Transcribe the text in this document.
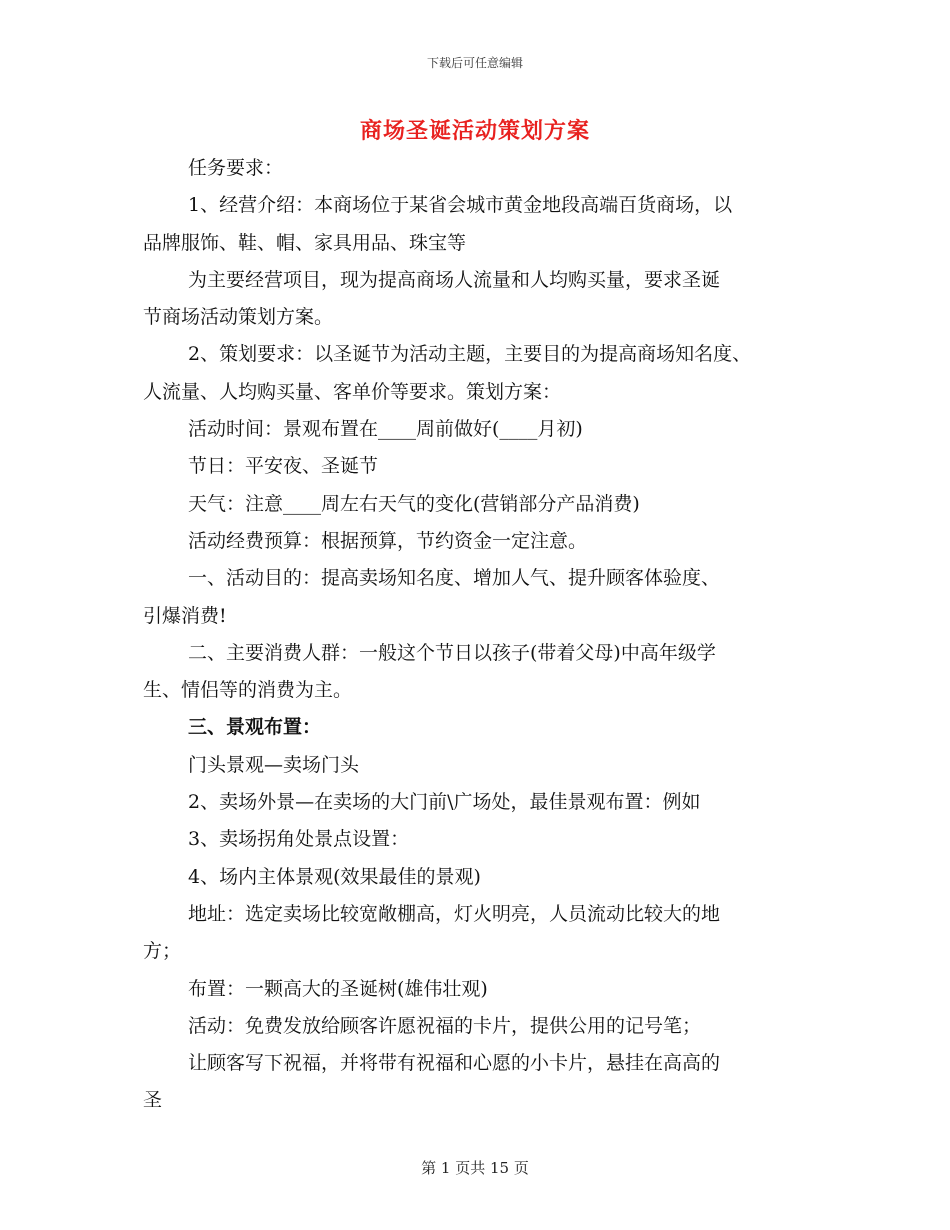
下载后可任意编辑
商场圣诞活动策划方案
任务要求：
1、经营介绍：本商场位于某省会城市黄金地段高端百货商场，以
品牌服饰、鞋、帽、家具用品、珠宝等
为主要经营项目，现为提高商场人流量和人均购买量，要求圣诞
节商场活动策划方案。
2、策划要求：以圣诞节为活动主题，主要目的为提高商场知名度、
人流量、人均购买量、客单价等要求。策划方案：
活动时间：景观布置在____周前做好(____月初)
节日：平安夜、圣诞节
天气：注意____周左右天气的变化(营销部分产品消费)
活动经费预算：根据预算，节约资金一定注意。
一、活动目的：提高卖场知名度、增加人气、提升顾客体验度、
引爆消费!
二、主要消费人群：一般这个节日以孩子(带着父母)中高年级学
生、情侣等的消费为主。
三、景观布置：
门头景观—卖场门头
2、卖场外景—在卖场的大门前\广场处，最佳景观布置：例如
3、卖场拐角处景点设置：
4、场内主体景观(效果最佳的景观)
地址：选定卖场比较宽敞棚高，灯火明亮，人员流动比较大的地
方；
布置：一颗高大的圣诞树(雄伟壮观)
活动：免费发放给顾客许愿祝福的卡片，提供公用的记号笔；
让顾客写下祝福，并将带有祝福和心愿的小卡片，悬挂在高高的
圣
第 1 页共 15 页
